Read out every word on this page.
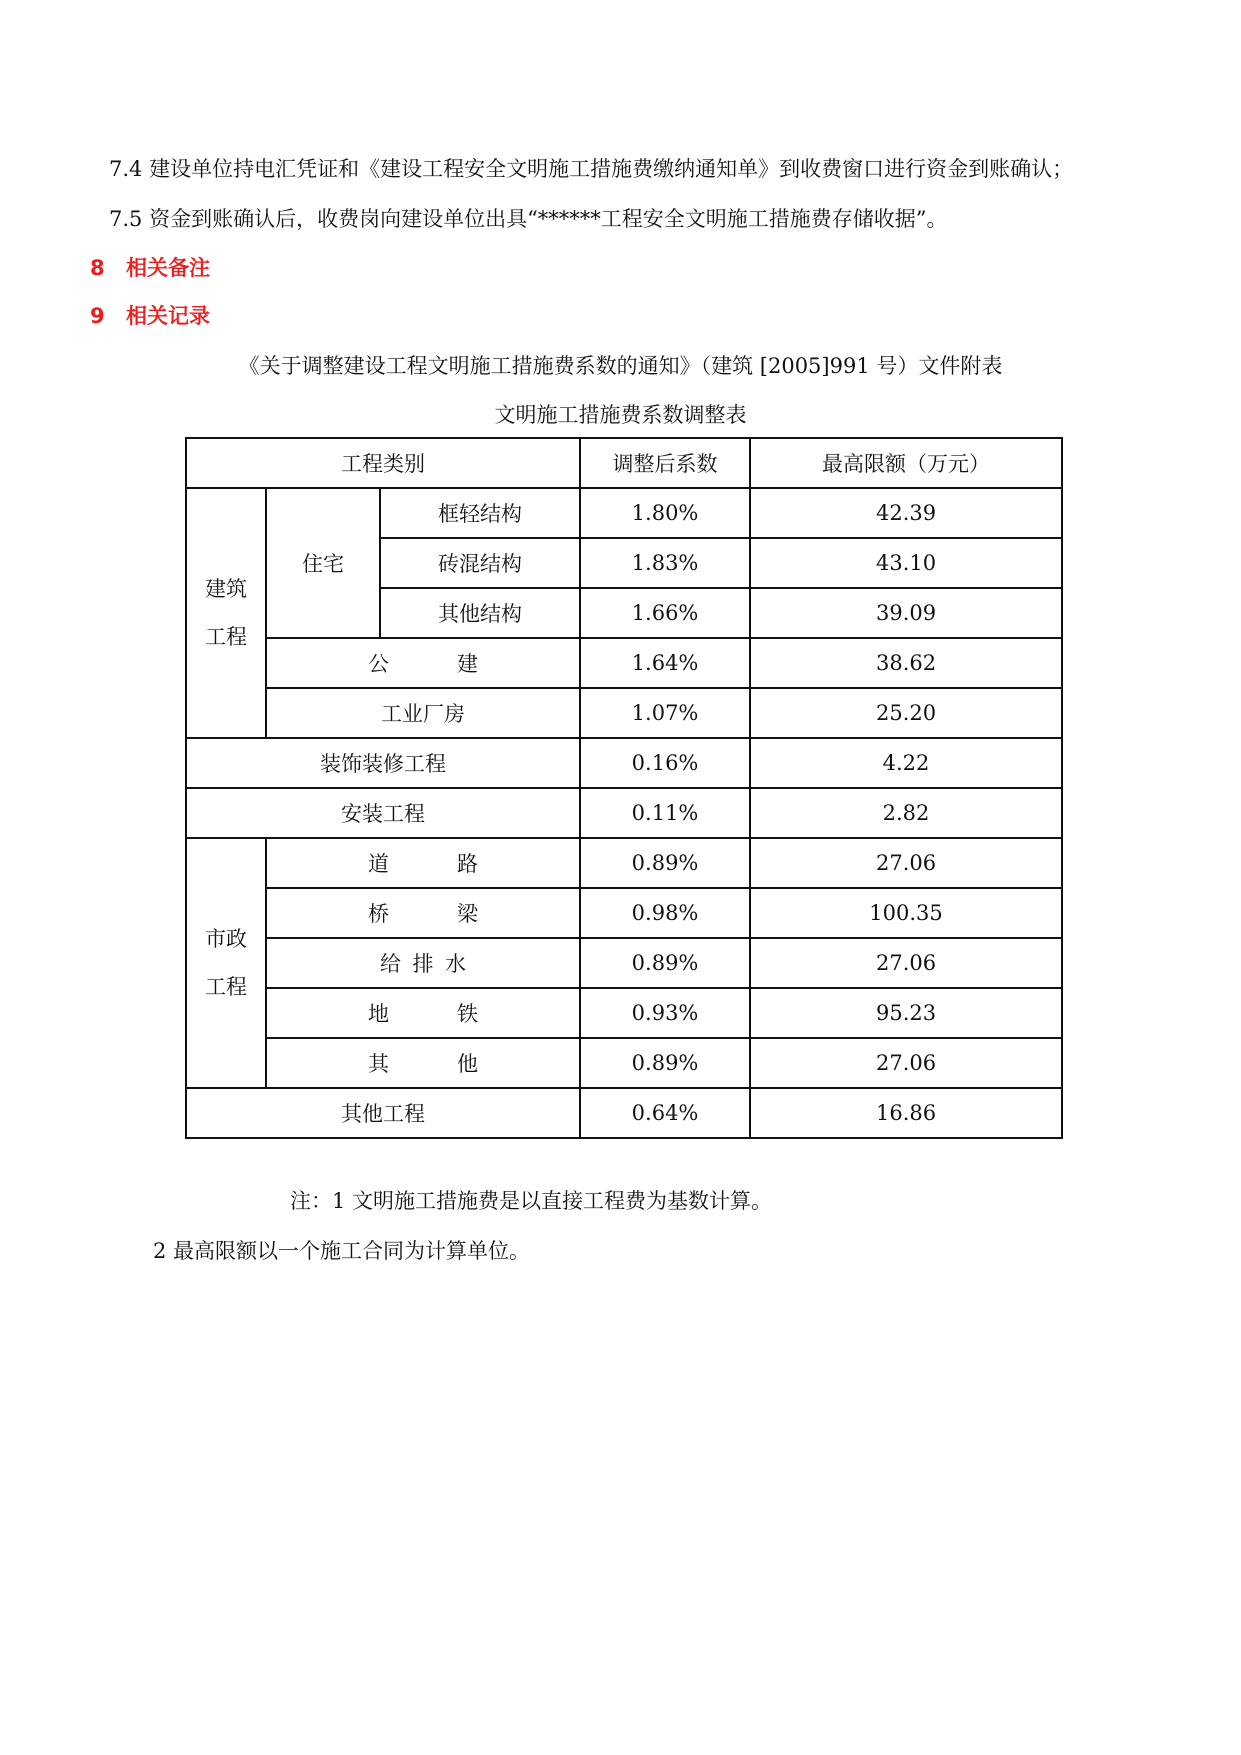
7.4 建设单位持电汇凭证和《建设工程安全文明施工措施费缴纳通知单》到收费窗口进行资金到账确认；
7.5 资金到账确认后，收费岗向建设单位出具“******工程安全文明施工措施费存储收据”。
8 相关备注
9 相关记录
《关于调整建设工程文明施工措施费系数的通知》（建筑 [2005]991 号）文件附表
文明施工措施费系数调整表
工程类别			调整后系数	最高限额（万元）

建筑
工程	住宅	框轻结构	1.80%	42.39
		砖混结构	1.83%	43.10
		其他结构	1.66%	39.09
	公　建		1.64%	38.62
	工业厂房		1.07%	25.20
装饰装修工程			0.16%	4.22
安装工程			0.11%	2.82

市政
工程	道　路		0.89%	27.06
	桥　梁		0.98%	100.35
	给排水		0.89%	27.06
	地　铁		0.93%	95.23
	其　他		0.89%	27.06
其他工程			0.64%	16.86
注：1 文明施工措施费是以直接工程费为基数计算。
2 最高限额以一个施工合同为计算单位。
